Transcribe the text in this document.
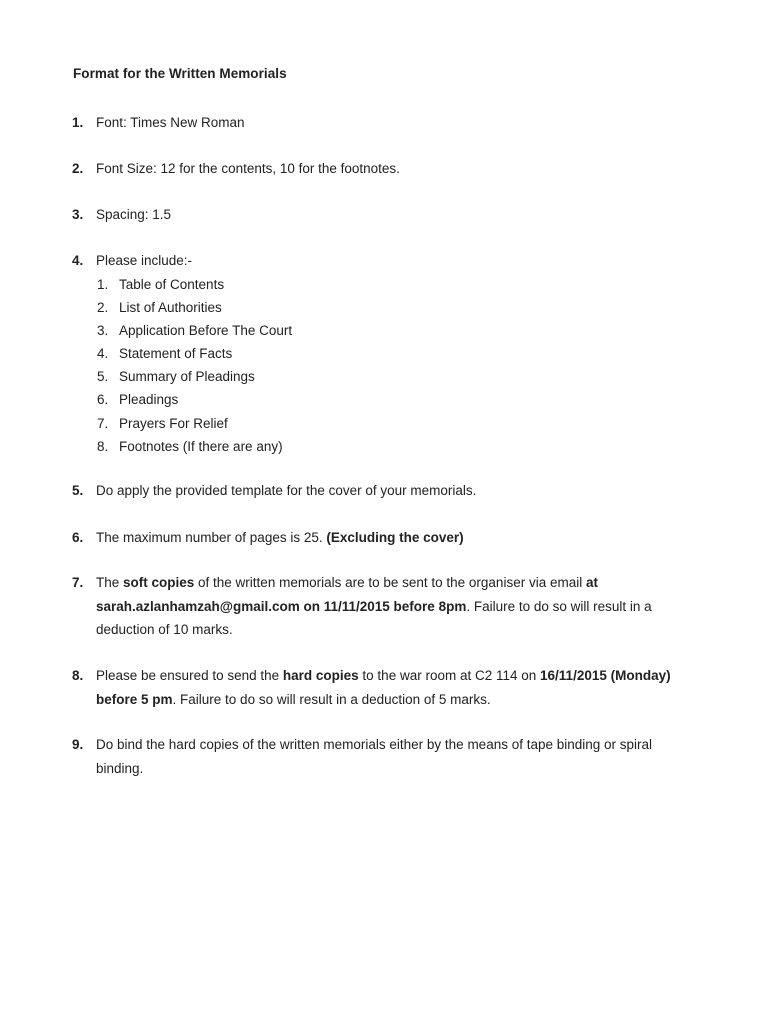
Format for the Written Memorials
1. Font: Times New Roman
2. Font Size: 12 for the contents, 10 for the footnotes.
3. Spacing: 1.5
4. Please include:-
1. Table of Contents
2. List of Authorities
3. Application Before The Court
4. Statement of Facts
5. Summary of Pleadings
6. Pleadings
7. Prayers For Relief
8. Footnotes (If there are any)
5. Do apply the provided template for the cover of your memorials.
6. The maximum number of pages is 25. (Excluding the cover)
7. The soft copies of the written memorials are to be sent to the organiser via email at sarah.azlanhamzah@gmail.com on 11/11/2015 before 8pm. Failure to do so will result in a deduction of 10 marks.
8. Please be ensured to send the hard copies to the war room at C2 114 on 16/11/2015 (Monday) before 5 pm. Failure to do so will result in a deduction of 5 marks.
9. Do bind the hard copies of the written memorials either by the means of tape binding or spiral binding.
